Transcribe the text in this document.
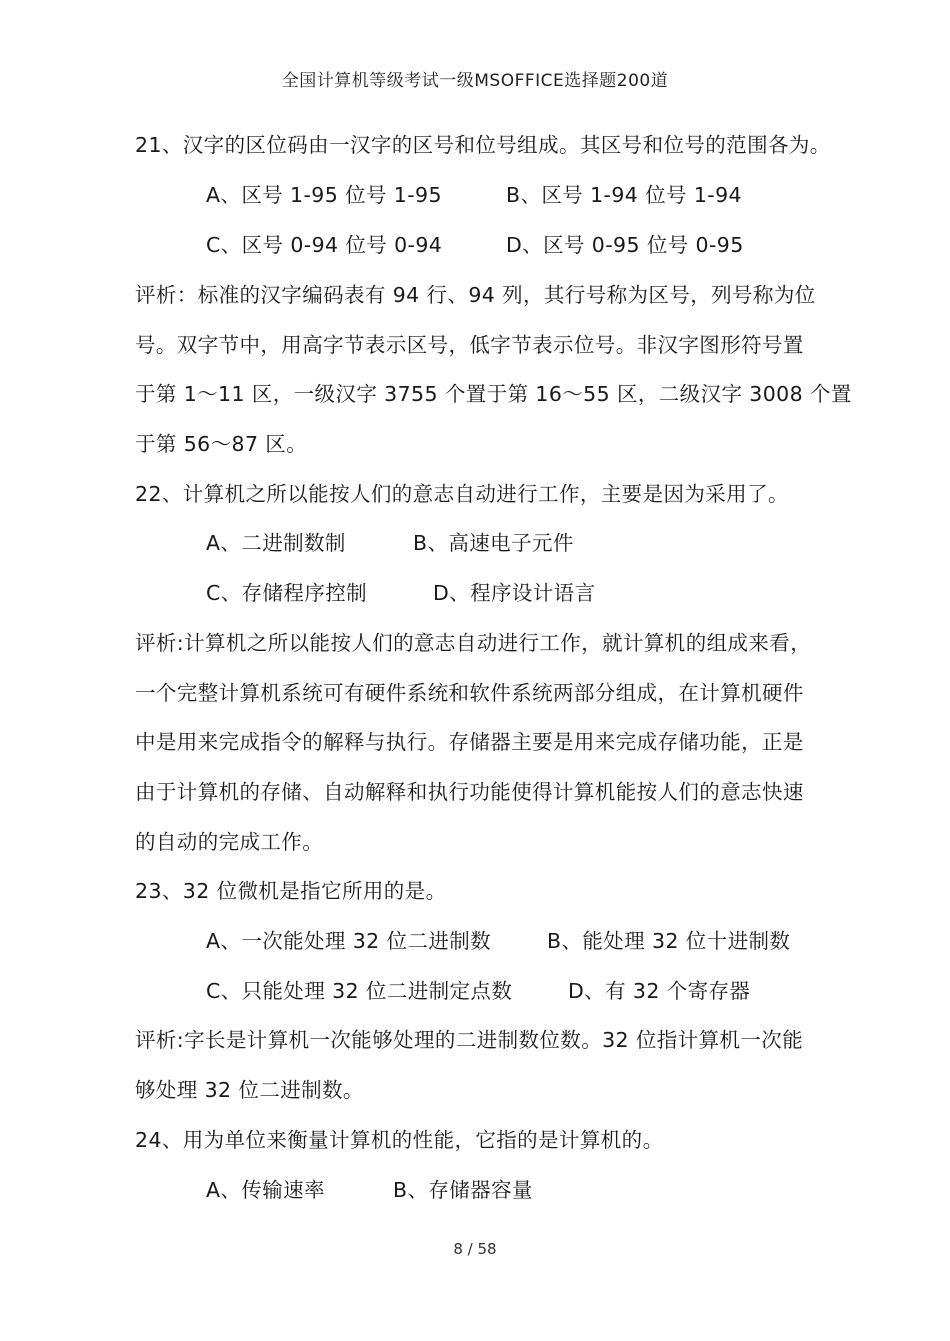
全国计算机等级考试一级MSOFFICE选择题200道
21、汉字的区位码由一汉字的区号和位号组成。其区号和位号的范围各为。
A、区号 1-95 位号 1-95	B、区号 1-94 位号 1-94
C、区号 0-94 位号 0-94	D、区号 0-95 位号 0-95
评析：标准的汉字编码表有 94 行、94 列，其行号称为区号，列号称为位
号。双字节中，用高字节表示区号，低字节表示位号。非汉字图形符号置
于第 1～11 区，一级汉字 3755 个置于第 16～55 区，二级汉字 3008 个置
于第 56～87 区。
22、计算机之所以能按人们的意志自动进行工作，主要是因为采用了。
A、二进制数制	B、高速电子元件
C、存储程序控制	D、程序设计语言
评析:计算机之所以能按人们的意志自动进行工作，就计算机的组成来看，
一个完整计算机系统可有硬件系统和软件系统两部分组成，在计算机硬件
中是用来完成指令的解释与执行。存储器主要是用来完成存储功能，正是
由于计算机的存储、自动解释和执行功能使得计算机能按人们的意志快速
的自动的完成工作。
23、32 位微机是指它所用的是。
A、一次能处理 32 位二进制数	B、能处理 32 位十进制数
C、只能处理 32 位二进制定点数	D、有 32 个寄存器
评析:字长是计算机一次能够处理的二进制数位数。32 位指计算机一次能
够处理 32 位二进制数。
24、用为单位来衡量计算机的性能，它指的是计算机的。
A、传输速率	B、存储器容量
8 / 58
